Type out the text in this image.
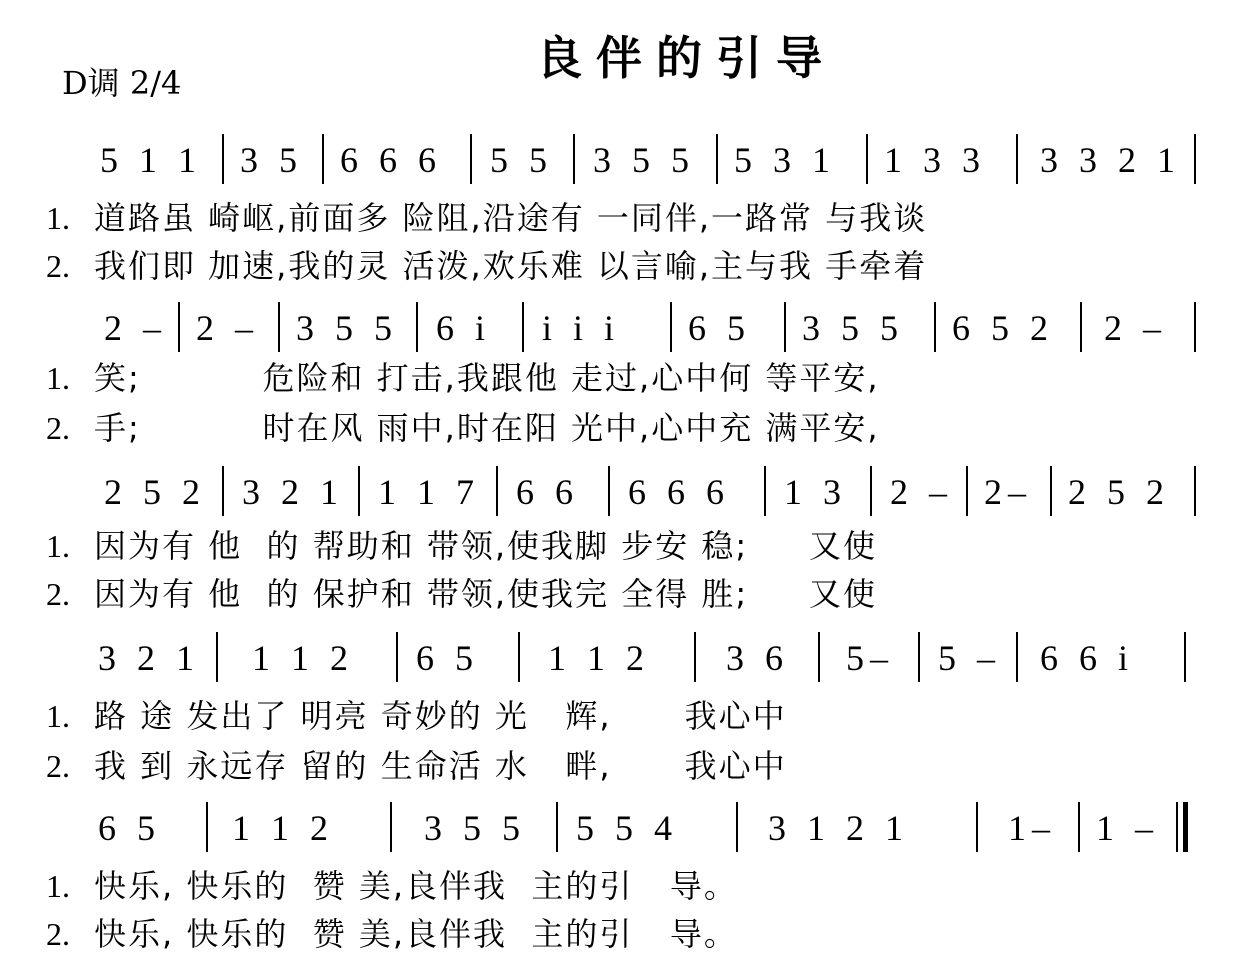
良伴的引导
D调 2/4
5 1 1 3 5 6 6 6 5 5 3 5 5 5 3 1 1 3 3 3 3 2 1
1. 道路虽 崎岖,前面多 险阻,沿途有 一同伴,一路常 与我谈
2. 我们即 加速,我的灵 活泼,欢乐难 以言喻,主与我 手牵着
2 – 2 – 3 5 5 6 i i i i 6 5 3 5 5 6 5 2 2 –
1. 笑;          危险和 打击,我跟他 走过,心中何 等平安,
2. 手;          时在风 雨中,时在阳 光中,心中充 满平安,
2 5 2 3 2 1 1 1 7 6 6 6 6 6 1 3 2 – 2– 2 5 2
1. 因为有 他  的 帮助和 带领,使我脚 步安 稳;     又使
2. 因为有 他  的 保护和 带领,使我完 全得 胜;     又使
3 2 1 1 1 2 6 5 1 1 2 3 6 5– 5 – 6 6 i
1. 路 途 发出了 明亮 奇妙的 光   辉,      我心中
2. 我 到 永远存 留的 生命活 水   畔,      我心中
6 5 1 1 2	3 5 5 5 5 4	3 1 2 1	1– 1 –
1. 快乐, 快乐的  赞 美,良伴我  主的引   导。
2. 快乐, 快乐的  赞 美,良伴我  主的引   导。
